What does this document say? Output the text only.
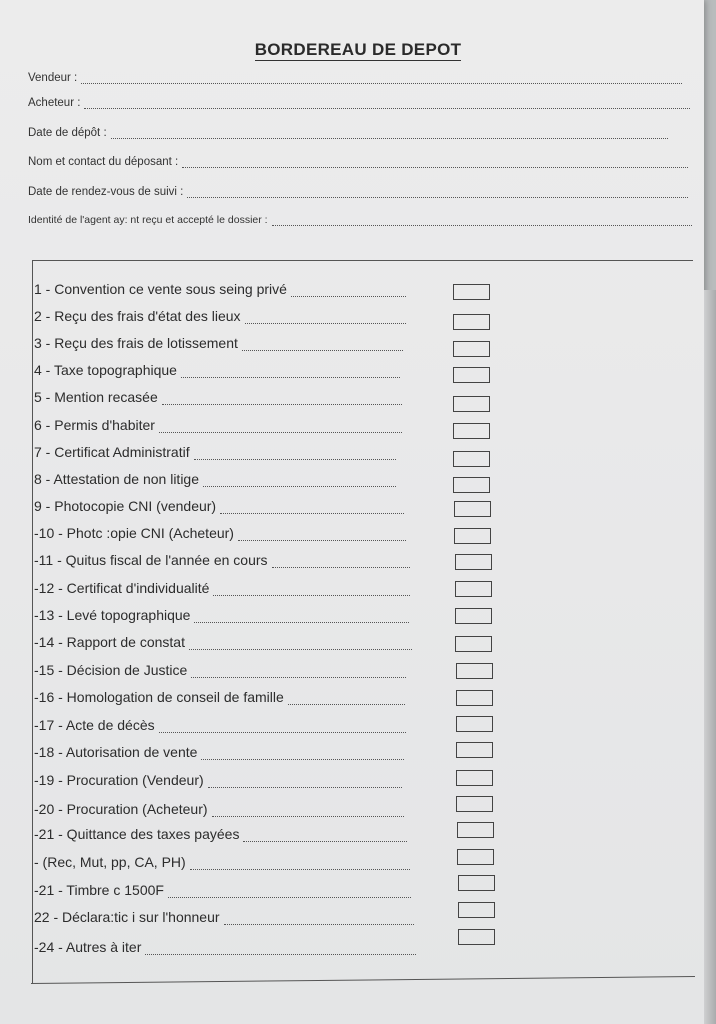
BORDEREAU DE DEPOT
Vendeur :
Acheteur :
Date de dépôt :
Nom et contact du déposant :
Date de rendez-vous de suivi :
Identité de l'agent ay: nt reçu et accepté le dossier :
1 - Convention ce vente sous seing privé
2 - Reçu des frais d'état des lieux
3 - Reçu des frais de lotissement
4 - Taxe topographique
5 - Mention recasée
6 - Permis d'habiter
7 - Certificat Administratif
8 - Attestation de non litige
9 - Photocopie CNI (vendeur)
-10 - Photc :opie CNI (Acheteur)
-11 - Quitus fiscal de l'année en cours
-12 - Certificat d'individualité
-13 - Levé topographique
-14 - Rapport de constat
-15 - Décision de Justice
-16 - Homologation de conseil de famille
-17 - Acte de décès
-18 - Autorisation de vente
-19 - Procuration (Vendeur)
-20 - Procuration (Acheteur)
-21 - Quittance des taxes payées
- (Rec, Mut, pp, CA, PH)
-21 - Timbre c 1500F
22 - Déclara:tic i sur l'honneur
-24 - Autres à iter
